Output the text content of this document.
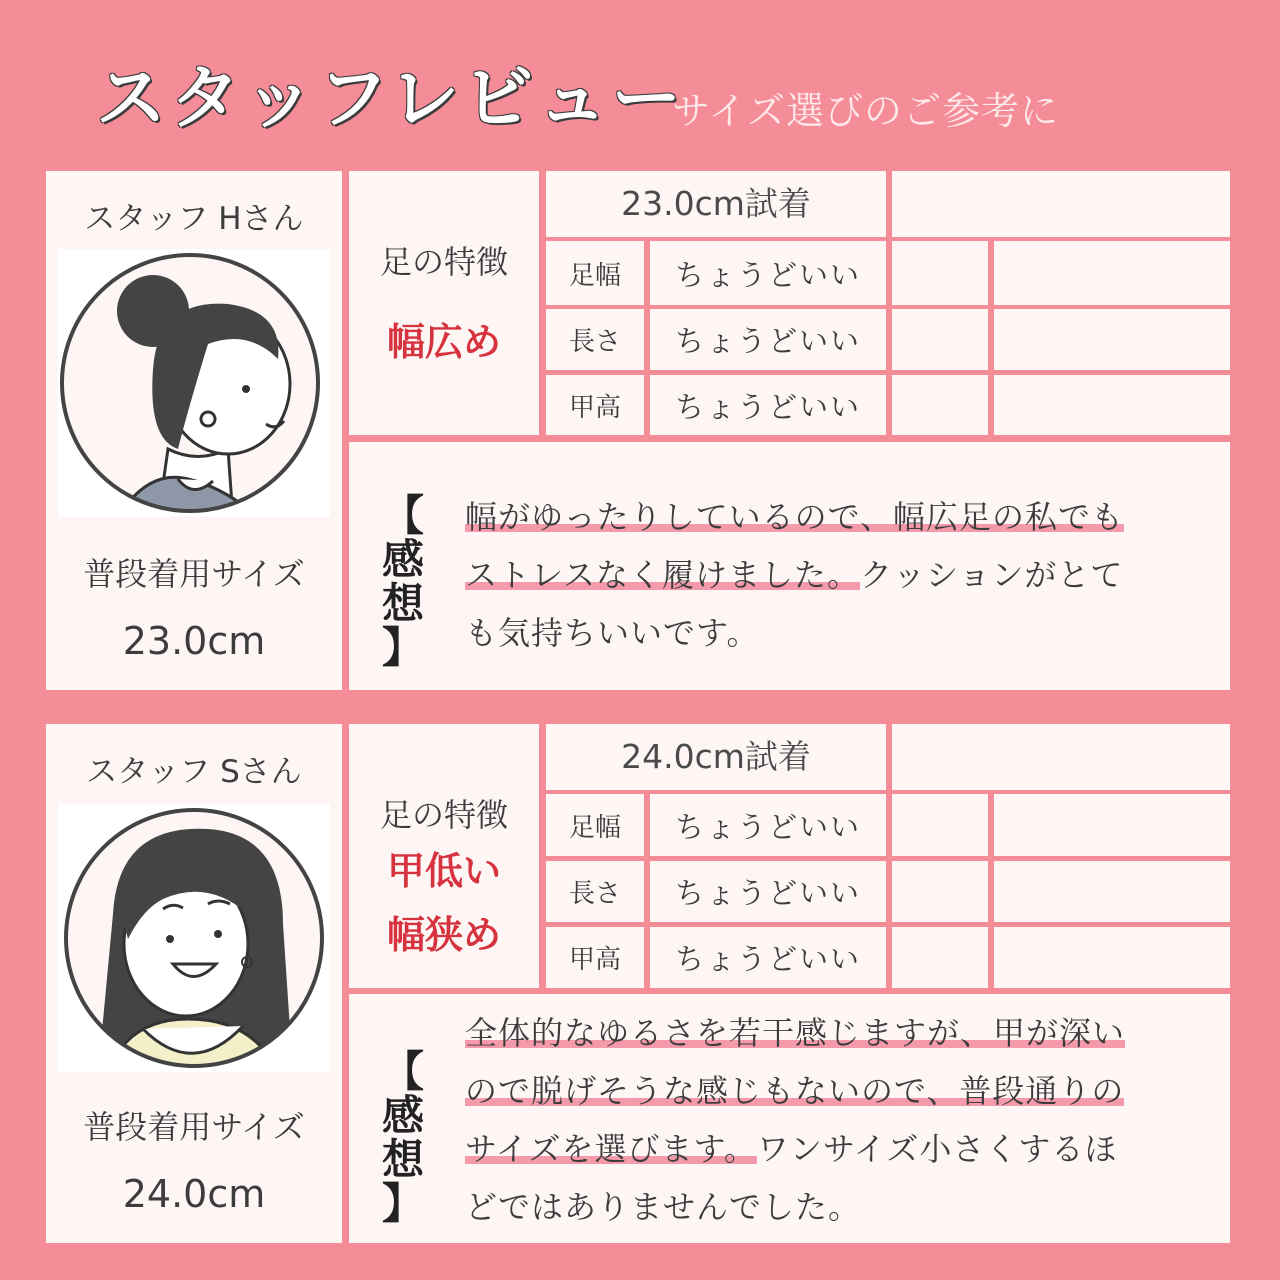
スタッフレビュー
サイズ選びのご参考に
スタッフ Hさん
普段着用サイズ
23.0cm
足の特徴
幅広め
23.0cm試着
足幅	ちょうどいい
長さ	ちょうどいい
甲高	ちょうどいい
【
感
想
】
幅がゆったりしているので、幅広足の私でも
ストレスなく履けました。クッションがとて
も気持ちいいです。
スタッフ Sさん
普段着用サイズ
24.0cm
足の特徴
甲低い
幅狭め
24.0cm試着
足幅	ちょうどいい
長さ	ちょうどいい
甲高	ちょうどいい
【
感
想
】
全体的なゆるさを若干感じますが、甲が深い
ので脱げそうな感じもないので、普段通りの
サイズを選びます。ワンサイズ小さくするほ
どではありませんでした。
